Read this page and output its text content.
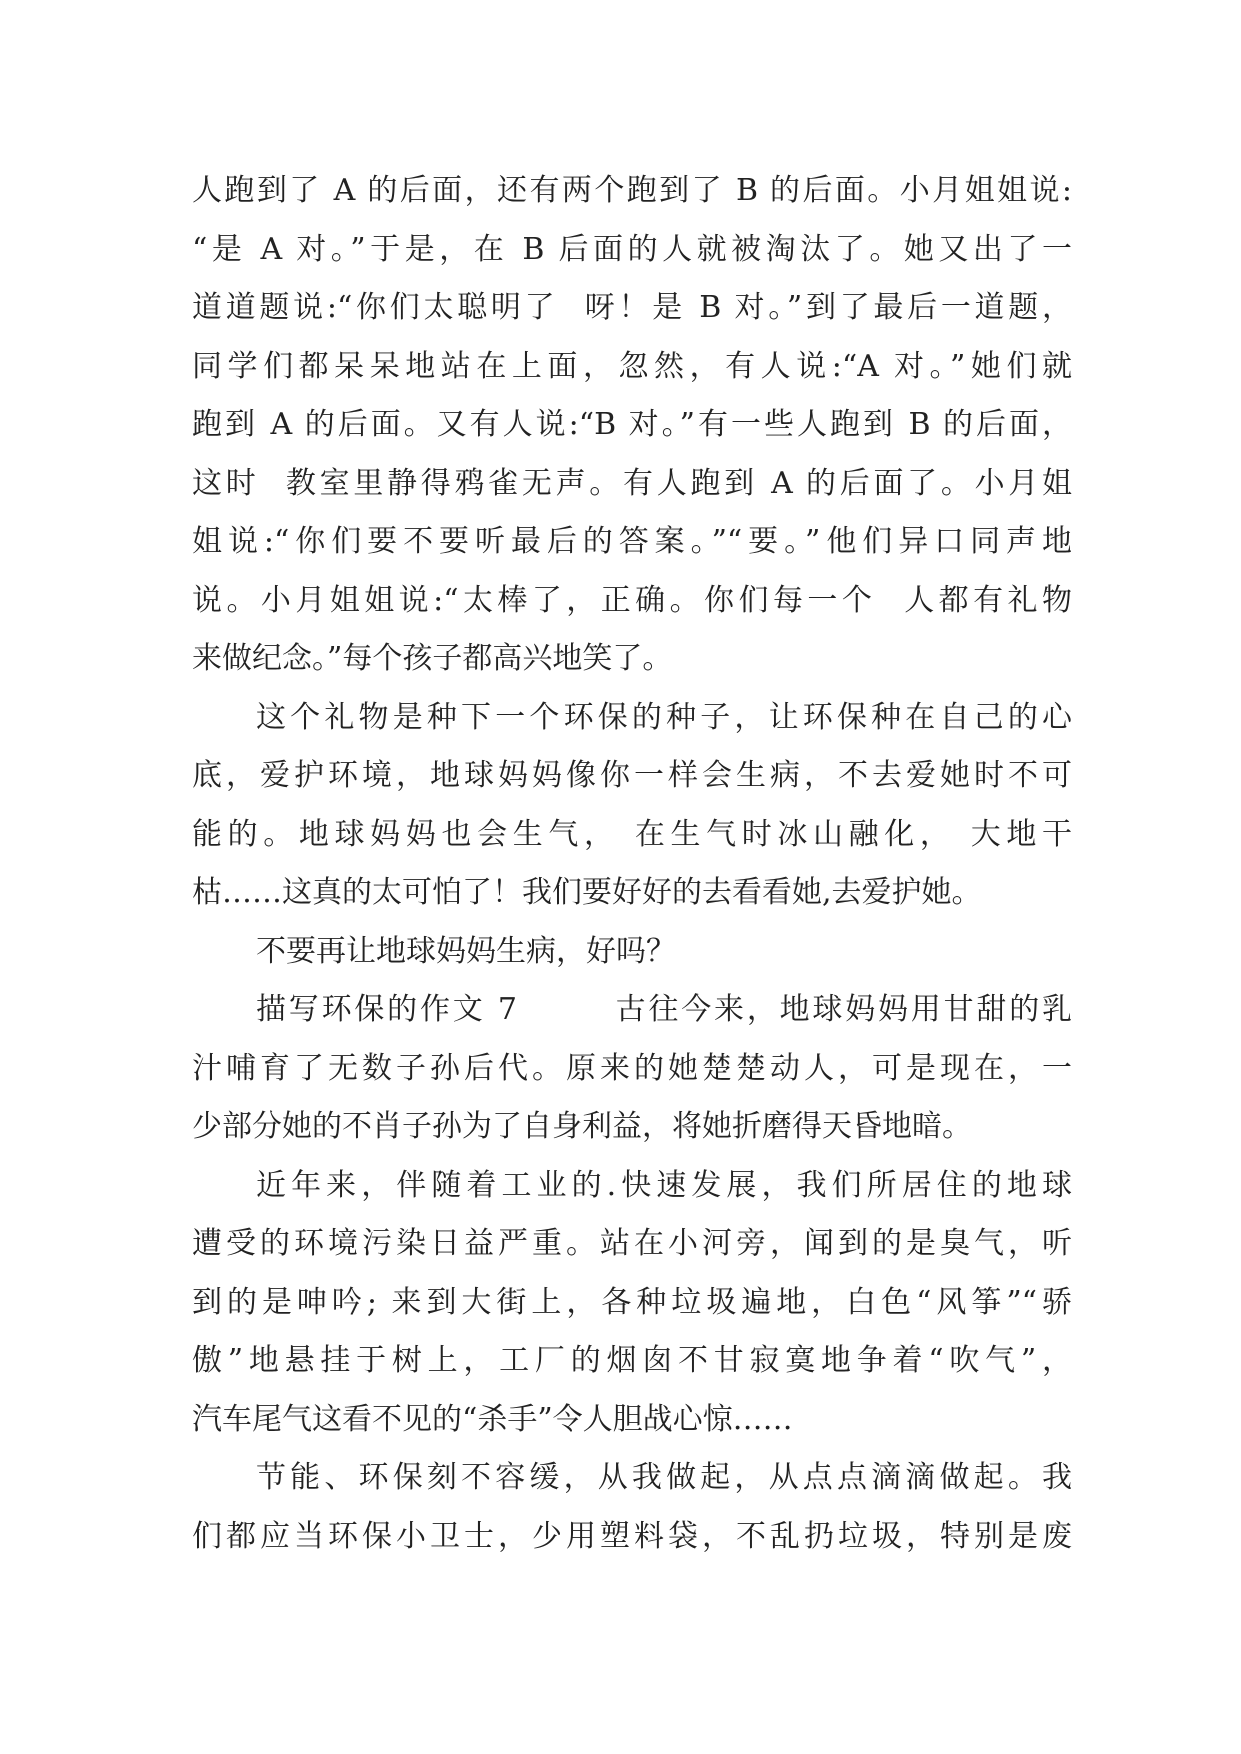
人跑到了 A 的后面，还有两个跑到了 B 的后面。小月姐姐说:
“是 A 对。”于是，在 B 后面的人就被淘汰了。她又出了一
道道题说:“你们太聪明了  呀！是 B 对。”到了最后一道题，
同学们都呆呆地站在上面，忽然，有人说:“A 对。”她们就
跑到 A 的后面。又有人说:“B 对。”有一些人跑到 B 的后面，
这时  教室里静得鸦雀无声。有人跑到 A 的后面了。小月姐
姐说:“你们要不要听最后的答案。”“要。”他们异口同声地
说。小月姐姐说:“太棒了，正确。你们每一个  人都有礼物
来做纪念。”每个孩子都高兴地笑了。
这个礼物是种下一个环保的种子，让环保种在自己的心
底，爱护环境，地球妈妈像你一样会生病，不去爱她时不可
能的。地球妈妈也会生气， 在生气时冰山融化， 大地干
枯……这真的太可怕了！我们要好好的去看看她,去爱护她。
不要再让地球妈妈生病，好吗？
描写环保的作文 7        古往今来，地球妈妈用甘甜的乳
汁哺育了无数子孙后代。原来的她楚楚动人，可是现在，一
少部分她的不肖子孙为了自身利益，将她折磨得天昏地暗。
近年来，伴随着工业的.快速发展，我们所居住的地球
遭受的环境污染日益严重。站在小河旁，闻到的是臭气，听
到的是呻吟; 来到大街上，各种垃圾遍地，白色“风筝”“骄
傲”地悬挂于树上，工厂的烟囱不甘寂寞地争着“吹气”，
汽车尾气这看不见的“杀手”令人胆战心惊……
节能、环保刻不容缓，从我做起，从点点滴滴做起。我
们都应当环保小卫士，少用塑料袋，不乱扔垃圾，特别是废
